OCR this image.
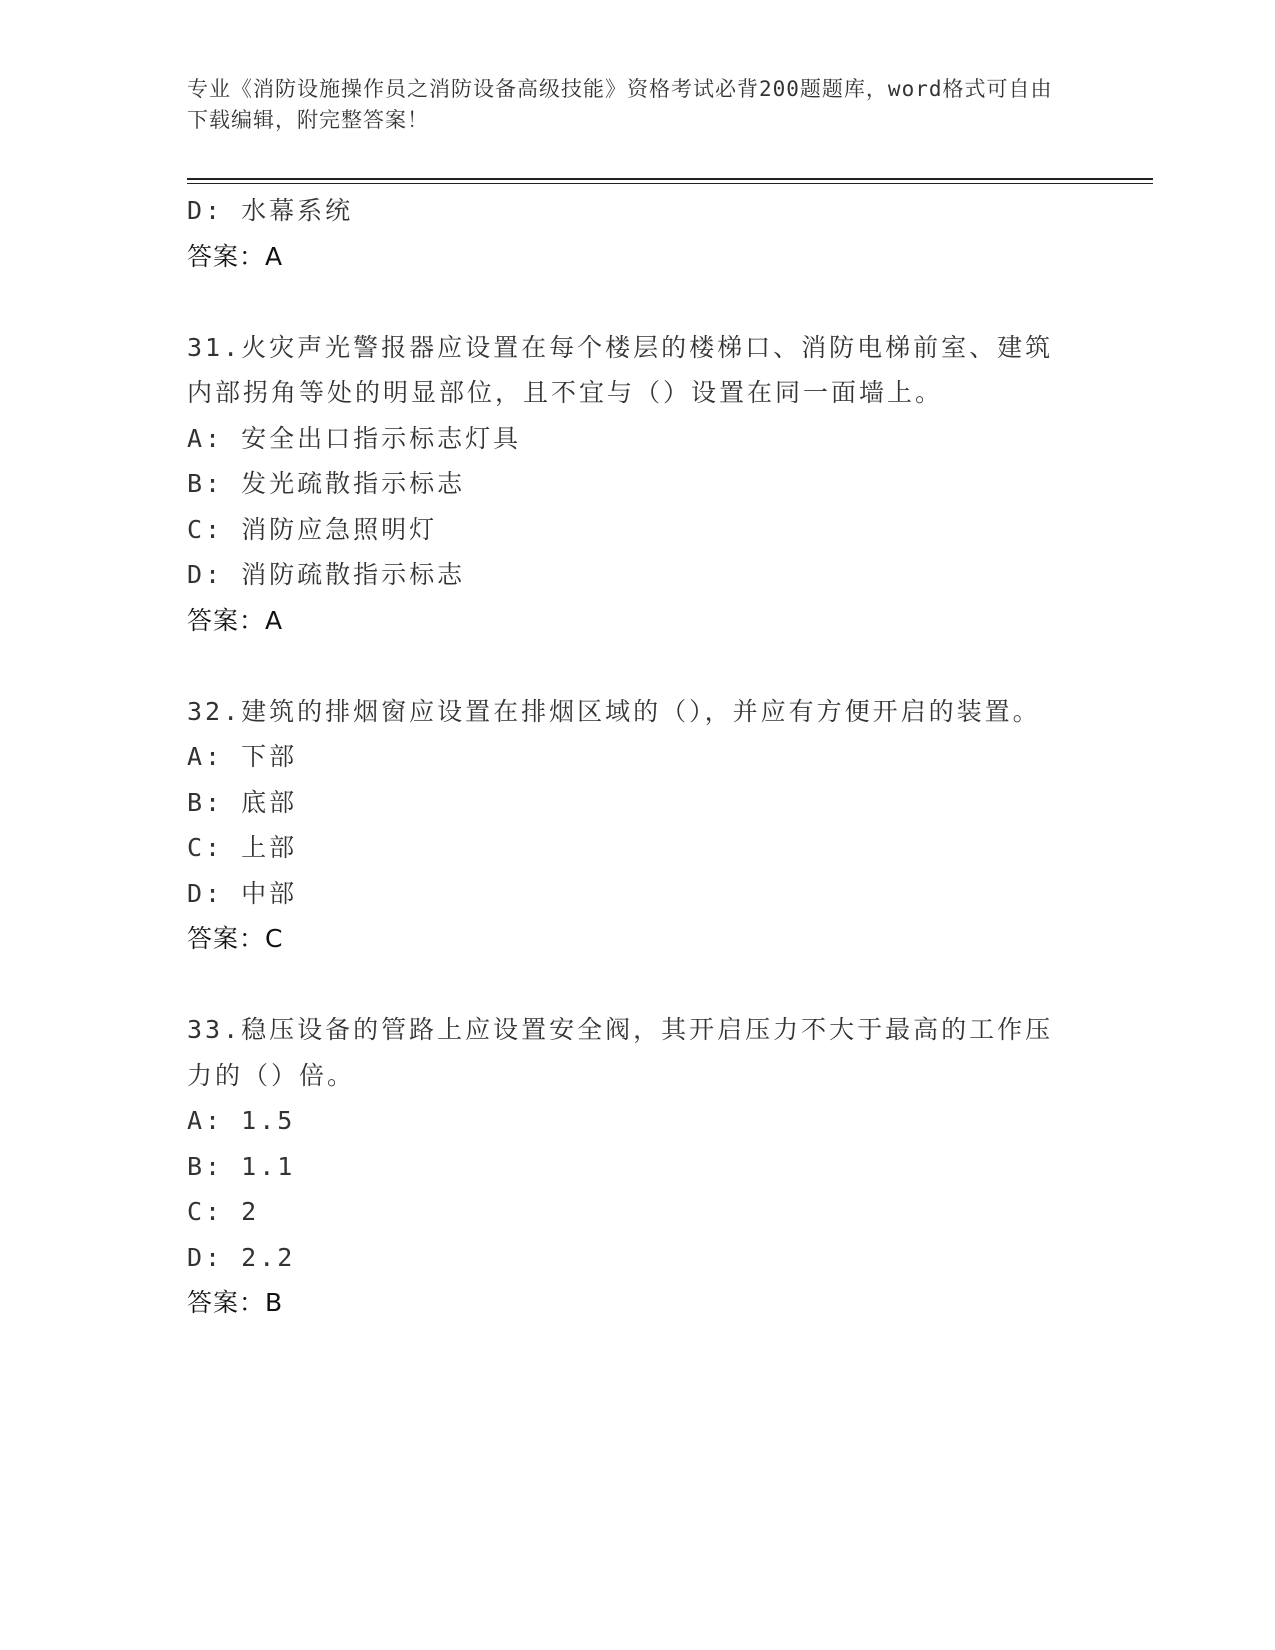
专业《消防设施操作员之消防设备高级技能》资格考试必背200题题库，word格式可自由下载编辑，附完整答案！
D: 水幕系统
答案：A
31.火灾声光警报器应设置在每个楼层的楼梯口、消防电梯前室、建筑内部拐角等处的明显部位，且不宜与（）设置在同一面墙上。
A: 安全出口指示标志灯具
B: 发光疏散指示标志
C: 消防应急照明灯
D: 消防疏散指示标志
答案：A
32.建筑的排烟窗应设置在排烟区域的（），并应有方便开启的装置。
A: 下部
B: 底部
C: 上部
D: 中部
答案：C
33.稳压设备的管路上应设置安全阀，其开启压力不大于最高的工作压力的（）倍。
A: 1.5
B: 1.1
C: 2
D: 2.2
答案：B
